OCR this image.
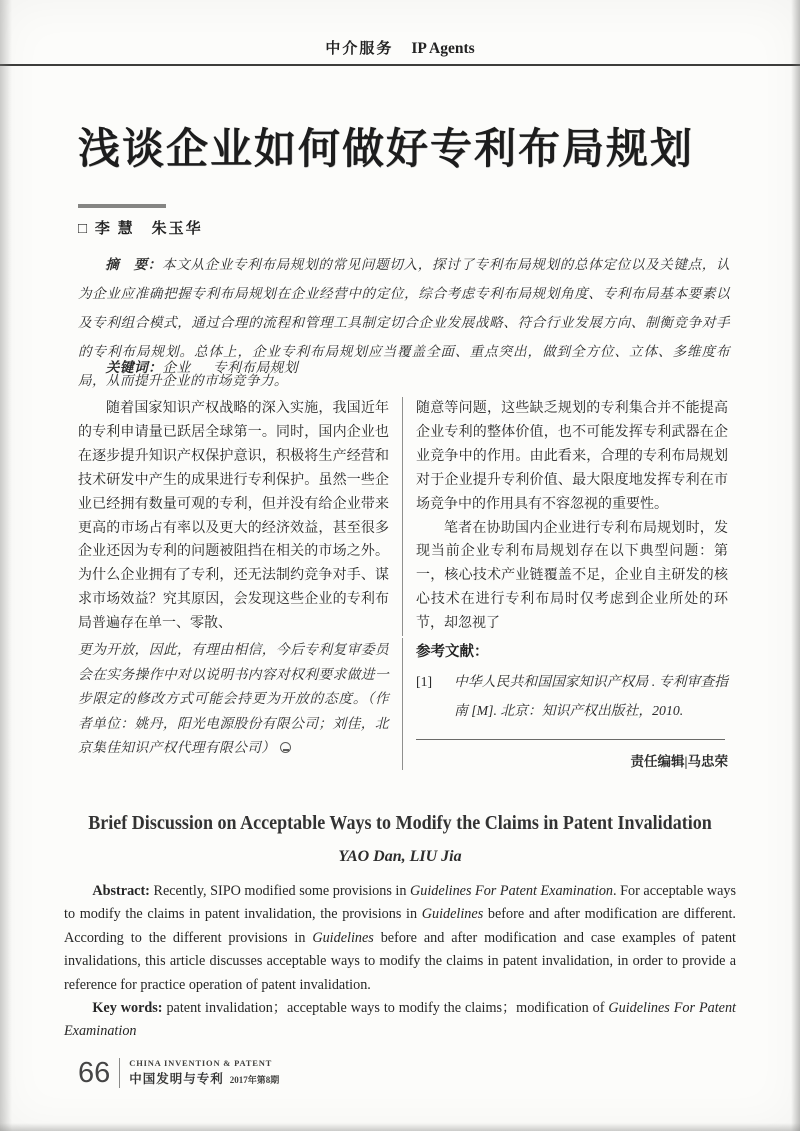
中介服务 IP Agents
浅谈企业如何做好专利布局规划
□ 李 慧　朱玉华

摘　要：本文从企业专利布局规划的常见问题切入，探讨了专利布局规划的总体定位以及关键点，认为企业应准确把握专利布局规划在企业经营中的定位，综合考虑专利布局规划角度、专利布局基本要素以及专利组合模式，通过合理的流程和管理工具制定切合企业发展战略、符合行业发展方向、制衡竞争对手的专利布局规划。总体上，企业专利布局规划应当覆盖全面、重点突出，做到全方位、立体、多维度布局，从而提升企业的市场竞争力。

关键词：企业 专利布局规划

随着国家知识产权战略的深入实施，我国近年的专利申请量已跃居全球第一。同时，国内企业也在逐步提升知识产权保护意识，积极将生产经营和技术研发中产生的成果进行专利保护。虽然一些企业已经拥有数量可观的专利，但并没有给企业带来更高的市场占有率以及更大的经济效益，甚至很多企业还因为专利的问题被阻挡在相关的市场之外。为什么企业拥有了专利，还无法制约竞争对手、谋求市场效益？究其原因，会发现这些企业的专利布局普遍存在单一、零散、

随意等问题，这些缺乏规划的专利集合并不能提高企业专利的整体价值，也不可能发挥专利武器在企业竞争中的作用。由此看来，合理的专利布局规划对于企业提升专利价值、最大限度地发挥专利在市场竞争中的作用具有不容忽视的重要性。

笔者在协助国内企业进行专利布局规划时，发现当前企业专利布局规划存在以下典型问题：第一，核心技术产业链覆盖不足，企业自主研发的核心技术在进行专利布局时仅考虑到企业所处的环节，却忽视了

更为开放，因此，有理由相信，今后专利复审委员会在实务操作中对以说明书内容对权利要求做进一步限定的修改方式可能会持更为开放的态度。（作者单位：姚丹，阳光电源股份有限公司；刘佳，北京集佳知识产权代理有限公司）

参考文献：
[1] 中华人民共和国国家知识产权局 . 专利审查指南 [M]. 北京：知识产权出版社，2010.
责任编辑|马忠荣
Brief Discussion on Acceptable Ways to Modify the Claims in Patent Invalidation
YAO Dan, LIU Jia

Abstract: Recently, SIPO modified some provisions in Guidelines For Patent Examination. For acceptable ways to modify the claims in patent invalidation, the provisions in Guidelines before and after modification are different. According to the different provisions in Guidelines before and after modification and case examples of patent invalidations, this article discusses acceptable ways to modify the claims in patent invalidation, in order to provide a reference for practice operation of patent invalidation.

Key words: patent invalidation；acceptable ways to modify the claims；modification of Guidelines For Patent Examination

66 CHINA INVENTION & PATENT
中国发明与专利 2017年第8期
